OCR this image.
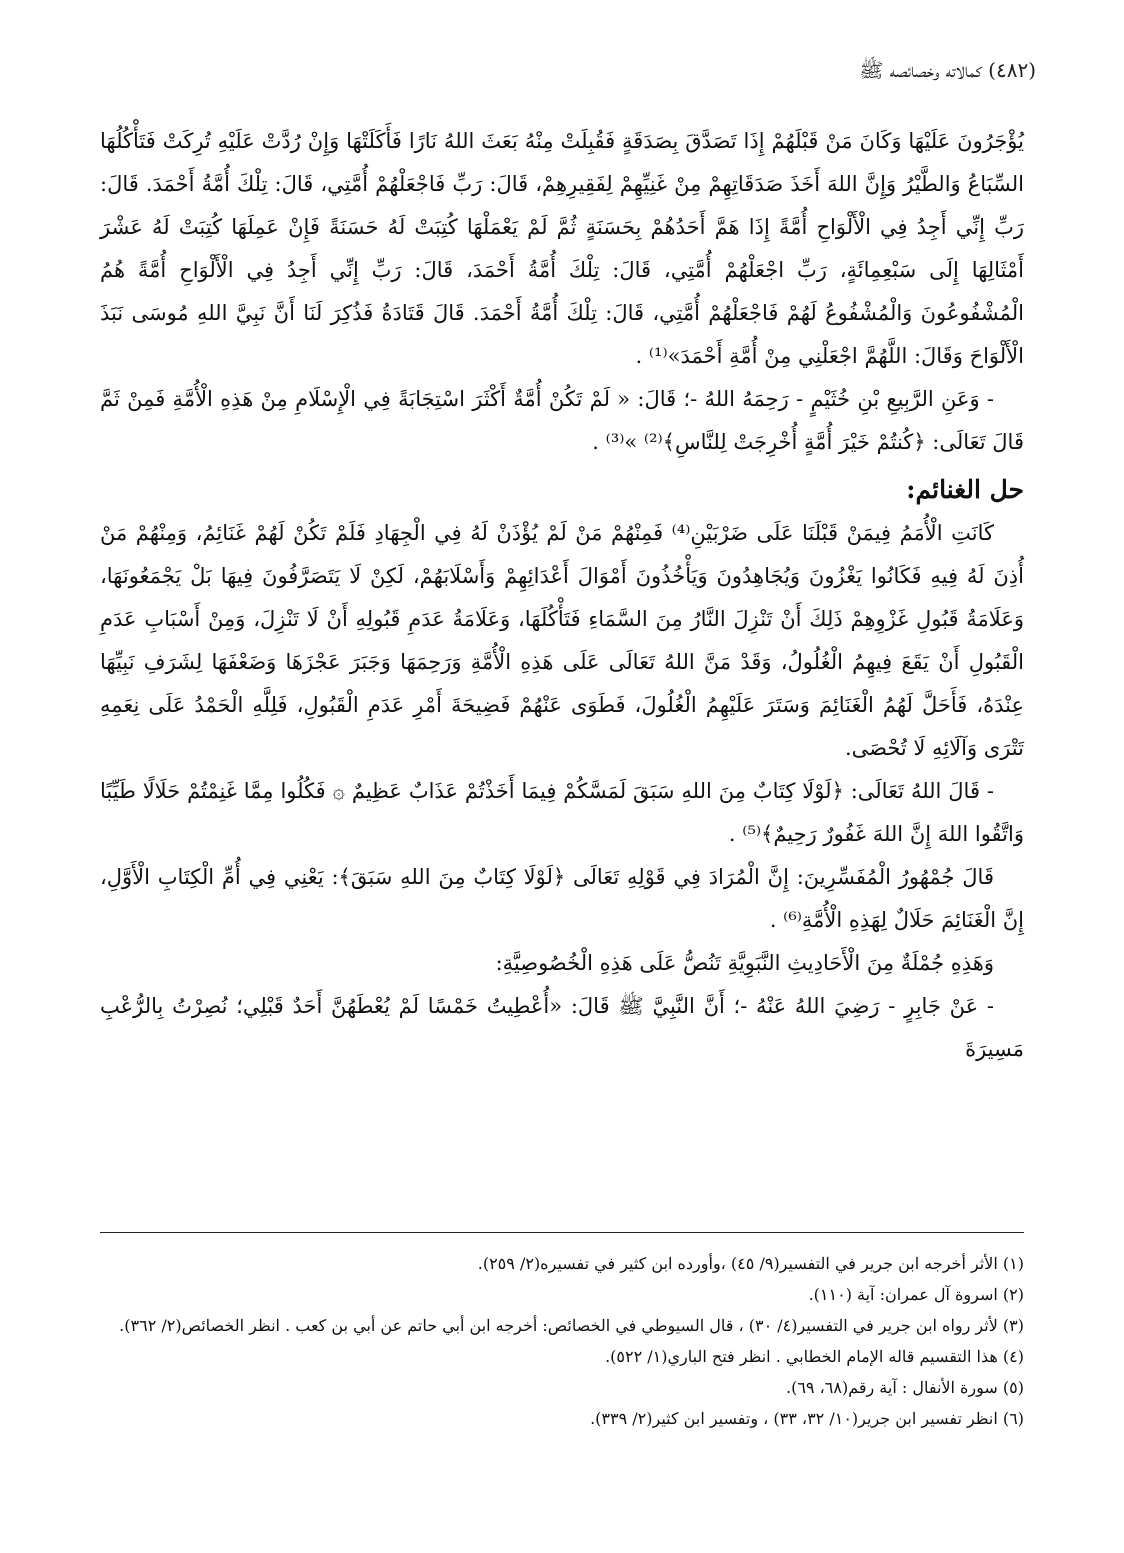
(٤٨٢) كمالاته وخصائصه ﷺ

يُؤْجَرُونَ عَلَيْهَا وَكَانَ مَنْ قَبْلَهُمْ إِذَا تَصَدَّقَ بِصَدَقَةٍ فَقُبِلَتْ مِنْهُ بَعَثَ اللهُ نَارًا فَأَكَلَتْهَا وَإِنْ رُدَّتْ عَلَيْهِ تُرِكَتْ فَتَأْكُلُهَا السِّبَاعُ وَالطَّيْرُ وَإِنَّ اللهَ أَخَذَ صَدَقَاتِهِمْ مِنْ غَنِيِّهِمْ لِفَقِيرِهِمْ، قَالَ: رَبِّ فَاجْعَلْهُمْ أُمَّتِي، قَالَ: تِلْكَ أُمَّةُ أَحْمَدَ. قَالَ: رَبِّ إِنِّي أَجِدُ فِي الْأَلْوَاحِ أُمَّةً إِذَا هَمَّ أَحَدُهُمْ بِحَسَنَةٍ ثُمَّ لَمْ يَعْمَلْهَا كُتِبَتْ لَهُ حَسَنَةً فَإِنْ عَمِلَهَا كُتِبَتْ لَهُ عَشْرَ أَمْثَالِهَا إِلَى سَبْعِمِائَةٍ، رَبِّ اجْعَلْهُمْ أُمَّتِي، قَالَ: تِلْكَ أُمَّةُ أَحْمَدَ، قَالَ: رَبِّ إِنِّي أَجِدُ فِي الْأَلْوَاحِ أُمَّةً هُمُ الْمُشْفُوعُونَ وَالْمُشْفُوعُ لَهُمْ فَاجْعَلْهُمْ أُمَّتِي، قَالَ: تِلْكَ أُمَّةُ أَحْمَدَ. قَالَ قَتَادَةُ فَذُكِرَ لَنَا أَنَّ نَبِيَّ اللهِ مُوسَى نَبَذَ الْأَلْوَاحَ وَقَالَ: اللَّهُمَّ اجْعَلْنِي مِنْ أُمَّةِ أَحْمَدَ»⁽¹⁾ .

- وَعَنِ الرَّبِيعِ بْنِ خُثَيْمٍ - رَحِمَهُ اللهُ -؛ قَالَ: « لَمْ تَكُنْ أُمَّةٌ أَكْثَرَ اسْتِجَابَةً فِي الْإِسْلَامِ مِنْ هَذِهِ الْأُمَّةِ فَمِنْ ثَمَّ قَالَ تَعَالَى: ﴿كُنتُمْ خَيْرَ أُمَّةٍ أُخْرِجَتْ لِلنَّاسِ﴾⁽²⁾ »⁽³⁾ .

حل الغنائم:

كَانَتِ الْأُمَمُ فِيمَنْ قَبْلَنَا عَلَى ضَرْبَيْنِ⁽⁴⁾ فَمِنْهُمْ مَنْ لَمْ يُؤْذَنْ لَهُ فِي الْجِهَادِ فَلَمْ تَكُنْ لَهُمْ غَنَائِمُ، وَمِنْهُمْ مَنْ أُذِنَ لَهُ فِيهِ فَكَانُوا يَغْزُونَ وَيُجَاهِدُونَ وَيَأْخُذُونَ أَمْوَالَ أَعْدَائِهِمْ وَأَسْلَابَهُمْ، لَكِنْ لَا يَتَصَرَّفُونَ فِيهَا بَلْ يَجْمَعُونَهَا، وَعَلَامَةُ قَبُولِ غَزْوِهِمْ ذَلِكَ أَنْ تَنْزِلَ النَّارُ مِنَ السَّمَاءِ فَتَأْكُلَهَا، وَعَلَامَةُ عَدَمِ قَبُولِهِ أَنْ لَا تَنْزِلَ، وَمِنْ أَسْبَابِ عَدَمِ الْقَبُولِ أَنْ يَقَعَ فِيهِمُ الْغُلُولُ، وَقَدْ مَنَّ اللهُ تَعَالَى عَلَى هَذِهِ الْأُمَّةِ وَرَحِمَهَا وَجَبَرَ عَجْزَهَا وَضَعْفَهَا لِشَرَفِ نَبِيِّهَا عِنْدَهُ، فَأَحَلَّ لَهُمُ الْغَنَائِمَ وَسَتَرَ عَلَيْهِمُ الْغُلُولَ، فَطَوَى عَنْهُمْ فَضِيحَةَ أَمْرِ عَدَمِ الْقَبُولِ، فَلِلَّهِ الْحَمْدُ عَلَى نِعَمِهِ تَتْرَى وَآلَائِهِ لَا تُحْصَى.

- قَالَ اللهُ تَعَالَى: ﴿لَوْلَا كِتَابٌ مِنَ اللهِ سَبَقَ لَمَسَّكُمْ فِيمَا أَخَذْتُمْ عَذَابٌ عَظِيمٌ ۞ فَكُلُوا مِمَّا غَنِمْتُمْ حَلَالًا طَيِّبًا وَاتَّقُوا اللهَ إِنَّ اللهَ غَفُورٌ رَحِيمٌ﴾⁽⁵⁾ .

قَالَ جُمْهُورُ الْمُفَسِّرِينَ: إِنَّ الْمُرَادَ فِي قَوْلِهِ تَعَالَى ﴿لَوْلَا كِتَابٌ مِنَ اللهِ سَبَقَ﴾: يَعْنِي فِي أُمِّ الْكِتَابِ الْأَوَّلِ، إِنَّ الْغَنَائِمَ حَلَالٌ لِهَذِهِ الْأُمَّةِ⁽⁶⁾ .

وَهَذِهِ جُمْلَةٌ مِنَ الْأَحَادِيثِ النَّبَوِيَّةِ تَنُصُّ عَلَى هَذِهِ الْخُصُوصِيَّةِ:

- عَنْ جَابِرٍ - رَضِيَ اللهُ عَنْهُ -؛ أَنَّ النَّبِيَّ ﷺ قَالَ: «أُعْطِيتُ خَمْسًا لَمْ يُعْطَهُنَّ أَحَدٌ قَبْلِي؛ نُصِرْتُ بِالرُّعْبِ مَسِيرَةَ

(١) الأثر أخرجه ابن جرير في التفسير(٩/ ٤٥) ،وأورده ابن كثير في تفسيره(٢/ ٢٥٩).

(٢) اسروة آل عمران: آية (١١٠).

(٣) لأثر رواه ابن جرير في التفسير(٤/ ٣٠) ، قال السيوطي في الخصائص: أخرجه ابن أبي حاتم عن أبي بن كعب . انظر الخصائص(٢/ ٣٦٢).

(٤) هذا التقسيم قاله الإمام الخطابي . انظر فتح الباري(١/ ٥٢٢).

(٥) سورة الأنفال : آية رقم(٦٨، ٦٩).

(٦) انظر تفسير ابن جرير(١٠/ ٣٢، ٣٣) ، وتفسير ابن كثير(٢/ ٣٣٩).
